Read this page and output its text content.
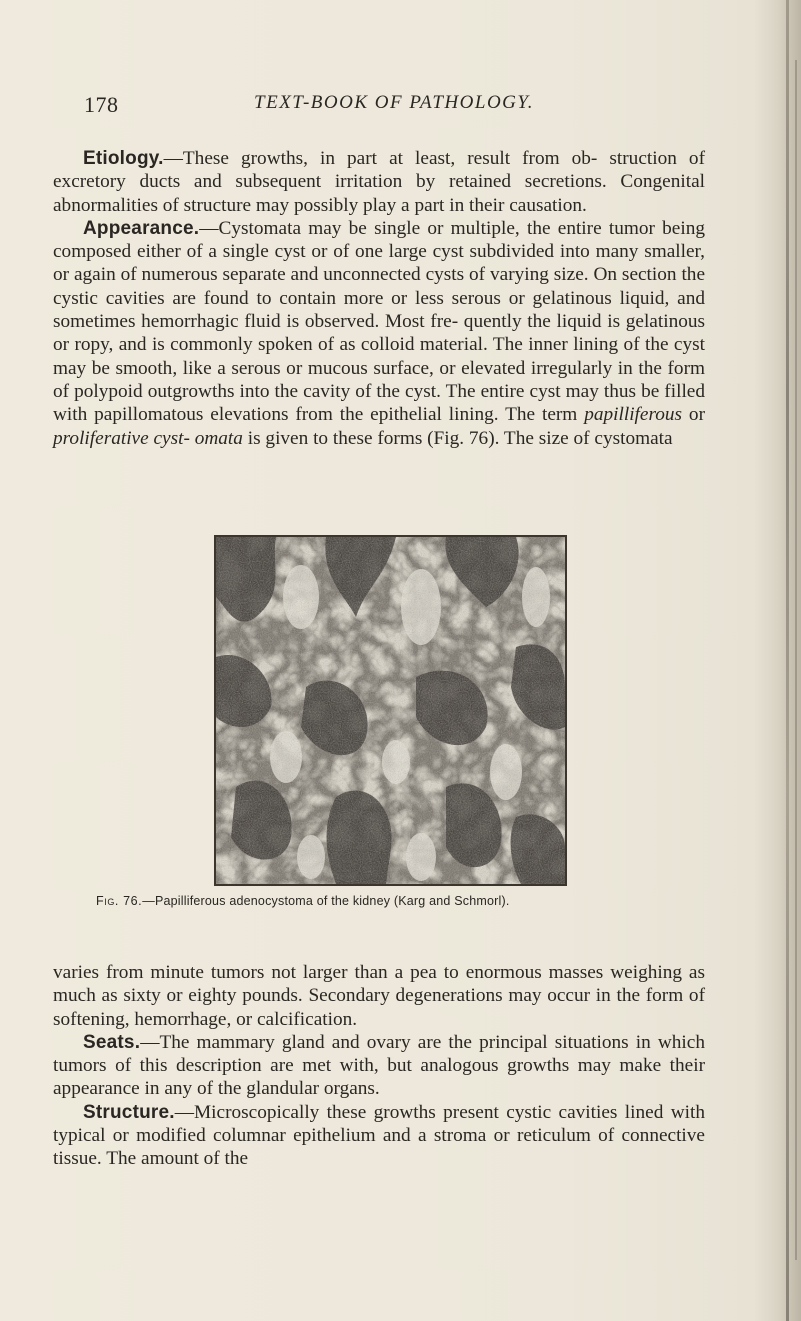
178	TEXT-BOOK OF PATHOLOGY.

Etiology.—These growths, in part at least, result from ob- struction of excretory ducts and subsequent irritation by retained secretions. Congenital abnormalities of structure may possibly play a part in their causation.

Appearance.—Cystomata may be single or multiple, the entire tumor being composed either of a single cyst or of one large cyst subdivided into many smaller, or again of numerous separate and unconnected cysts of varying size. On section the cystic cavities are found to contain more or less serous or gelatinous liquid, and sometimes hemorrhagic fluid is observed. Most fre- quently the liquid is gelatinous or ropy, and is commonly spoken of as colloid material. The inner lining of the cyst may be smooth, like a serous or mucous surface, or elevated irregularly in the form of polypoid outgrowths into the cavity of the cyst. The entire cyst may thus be filled with papillomatous elevations from the epithelial lining. The term papilliferous or proliferative cyst- omata is given to these forms (Fig. 76). The size of cystomata

Fig. 76.—Papilliferous adenocystoma of the kidney (Karg and Schmorl).

varies from minute tumors not larger than a pea to enormous masses weighing as much as sixty or eighty pounds. Secondary degenerations may occur in the form of softening, hemorrhage, or calcification.

Seats.—The mammary gland and ovary are the principal situations in which tumors of this description are met with, but analogous growths may make their appearance in any of the glandular organs.

Structure.—Microscopically these growths present cystic cavities lined with typical or modified columnar epithelium and a stroma or reticulum of connective tissue. The amount of the
